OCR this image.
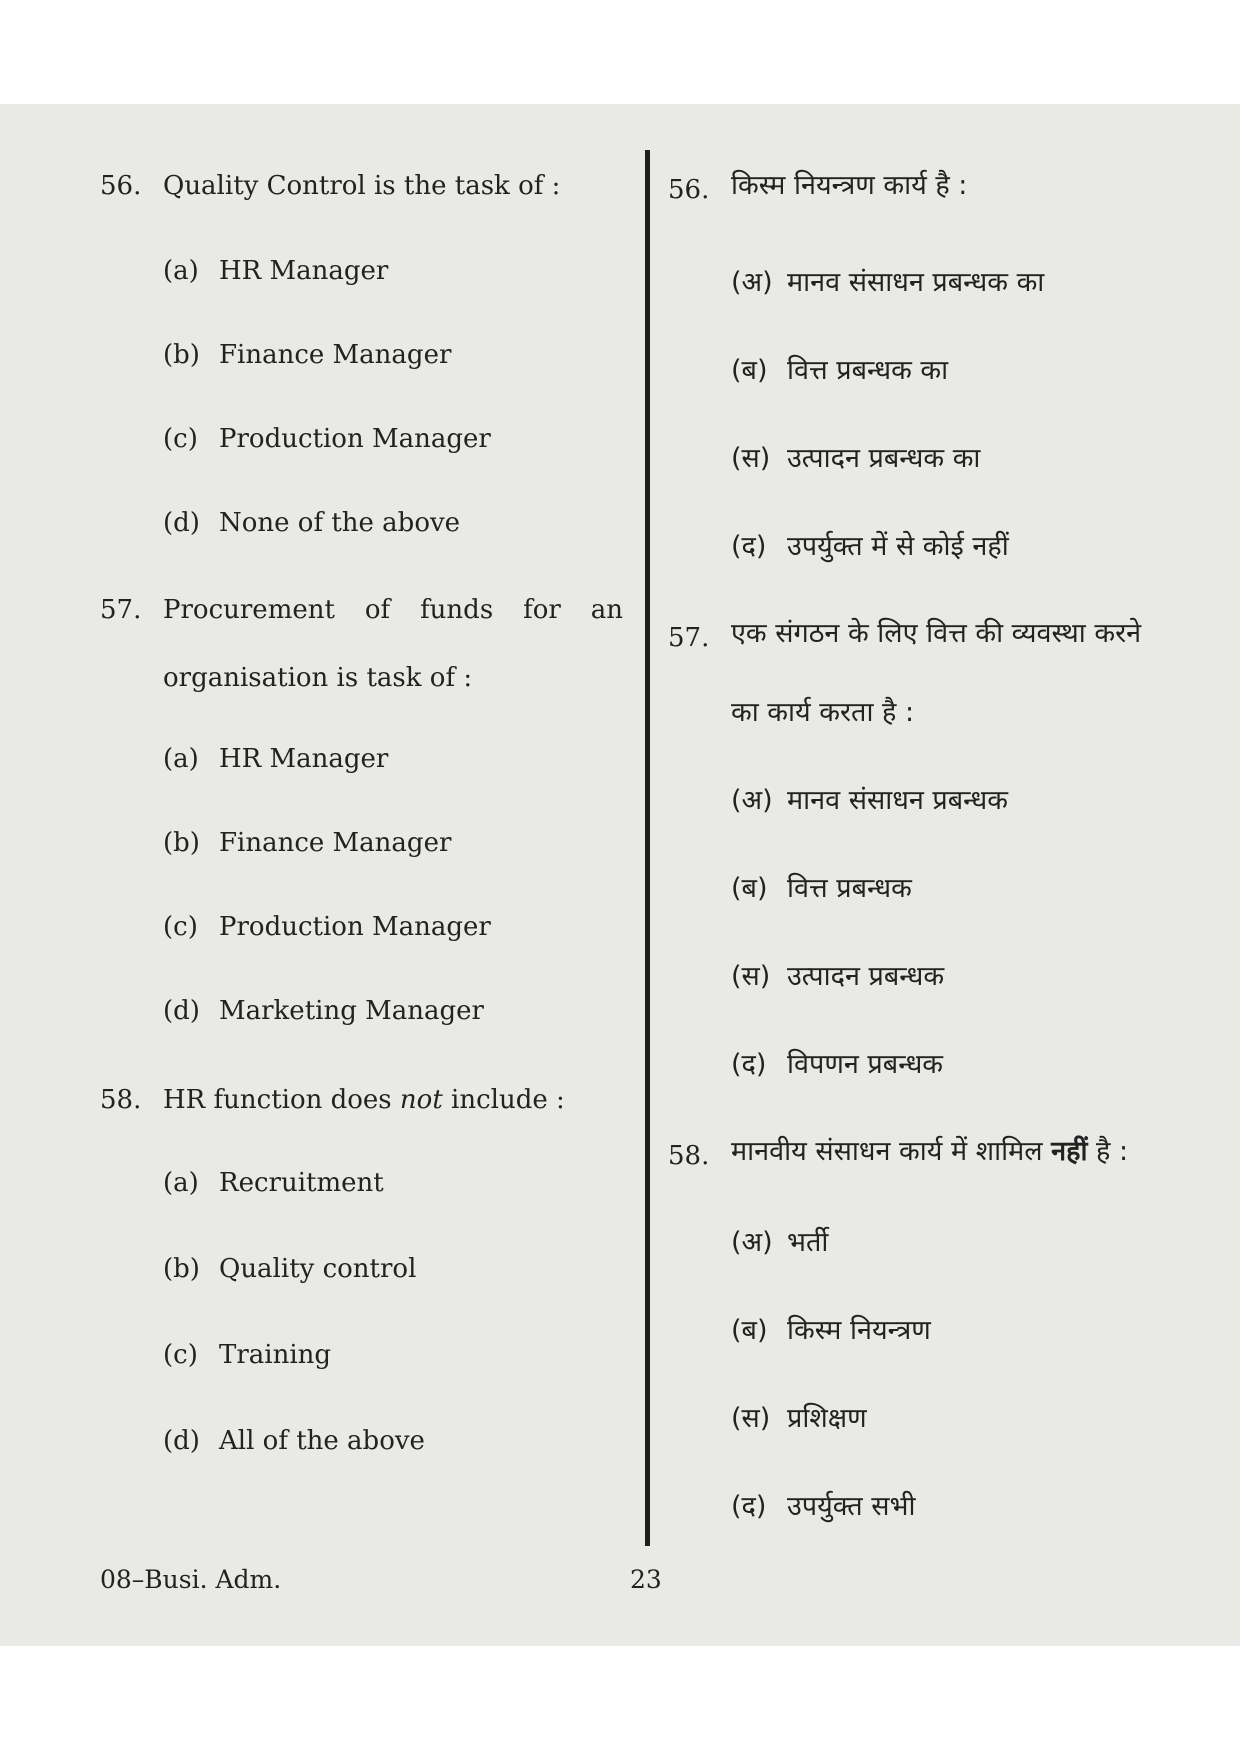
56. Quality Control is the task of :
(a) HR Manager
(b) Finance Manager
(c) Production Manager
(d) None of the above
57. Procurement of funds for an
organisation is task of :
(a) HR Manager
(b) Finance Manager
(c) Production Manager
(d) Marketing Manager
58. HR function does not include :
(a) Recruitment
(b) Quality control
(c) Training
(d) All of the above
56. किस्म नियन्त्रण कार्य है :
(अ) मानव संसाधन प्रबन्धक का
(ब) वित्त प्रबन्धक का
(स) उत्पादन प्रबन्धक का
(द) उपर्युक्त में से कोई नहीं
57. एक संगठन के लिए वित्त की व्यवस्था करने
का कार्य करता है :
(अ) मानव संसाधन प्रबन्धक
(ब) वित्त प्रबन्धक
(स) उत्पादन प्रबन्धक
(द) विपणन प्रबन्धक
58. मानवीय संसाधन कार्य में शामिल नहीं है :
(अ) भर्ती
(ब) किस्म नियन्त्रण
(स) प्रशिक्षण
(द) उपर्युक्त सभी
08–Busi. Adm.	23
